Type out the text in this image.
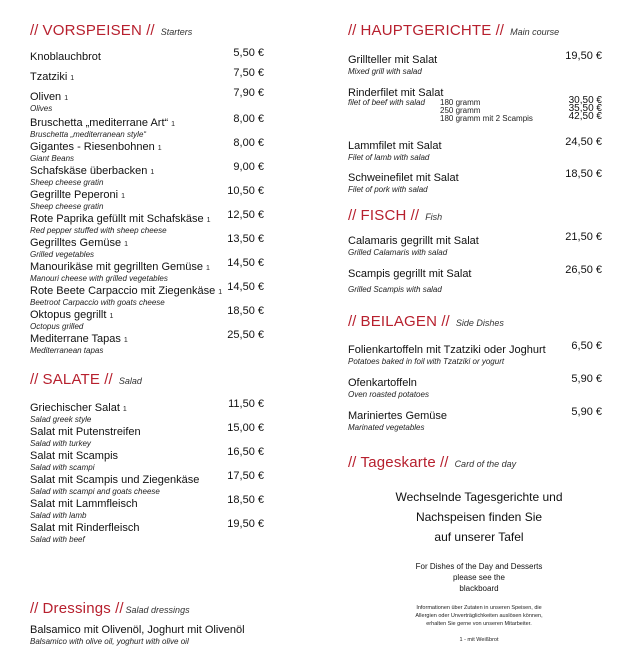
// VORSPEISEN // Starters
Knoblauchbrot	5,50 €
Tzatziki 1	7,50 €
Oliven 1
Olives
7,90 €
Bruschetta „mediterrane Art“ 1
Bruschetta „mediterranean style“
8,00 €
Gigantes - Riesenbohnen 1
Giant Beans
8,00 €
Schafskäse überbacken 1
Sheep cheese gratin
9,00 €
Gegrillte Peperoni 1
Sheep cheese gratin
10,50 €
Rote Paprika gefüllt mit Schafskäse 1
Red pepper stuffed with sheep cheese
12,50 €
Gegrilltes Gemüse 1
Grilled vegetables
13,50 €
Manourikäse mit gegrillten Gemüse 1
Manouri cheese with grilled vegetables
14,50 €
Rote Beete Carpaccio mit Ziegenkäse 1
Beetroot Carpaccio with goats cheese
14,50 €
Oktopus gegrillt 1
Octopus grilled
18,50 €
Mediterrane Tapas 1
Mediterranean tapas
25,50 €
// SALATE // Salad
Griechischer Salat 1
Salad greek style
11,50 €
Salat mit Putenstreifen
Salad with turkey
15,00 €
Salat mit Scampis
Salad with scampi
16,50 €
Salat mit Scampis und Ziegenkäse
Salad with scampi and goats cheese
17,50 €
Salat mit Lammfleisch
Salad with lamb
18,50 €
Salat mit Rinderfleisch
Salad with beef
19,50 €
// Dressings // Salad dressings
Balsamico mit Olivenöl, Joghurt mit Olivenöl
Balsamico with olive oil, yoghurt with olive oil
// HAUPTGERICHTE // Main course
Grillteller mit Salat
Mixed grill with salad
19,50 €
Rinderfilet mit Salat
filet of beef with salad 180 gramm	30,50 €
250 gramm	35,50 €
180 gramm mit 2 Scampis	42,50 €
Lammfilet mit Salat
Filet of lamb with salad
24,50 €
Schweinefilet mit Salat
Filet of pork with salad
18,50 €
// FISCH // Fish
Calamaris gegrillt mit Salat
Grilled Calamaris with salad
21,50 €
Scampis gegrillt mit Salat
Grilled Scampis with salad
26,50 €
// BEILAGEN // Side Dishes
Folienkartoffeln mit Tzatziki oder Joghurt
Potatoes baked in foil with Tzatziki or yogurt
6,50 €
Ofenkartoffeln
Oven roasted potatoes
5,90 €
Mariniertes Gemüse
Marinated vegetables
5,90 €
// Tageskarte // Card of the day
Wechselnde Tagesgerichte und
Nachspeisen finden Sie
auf unserer Tafel
For Dishes of the Day and Desserts
please see the
blackboard
Informationen über Zutaten in unseren Speisen, die
Allergien oder Unverträglichkeiten auslösen können,
erhalten Sie gerne von unseren Mitarbeiter.
1 - mit Weißbrot
